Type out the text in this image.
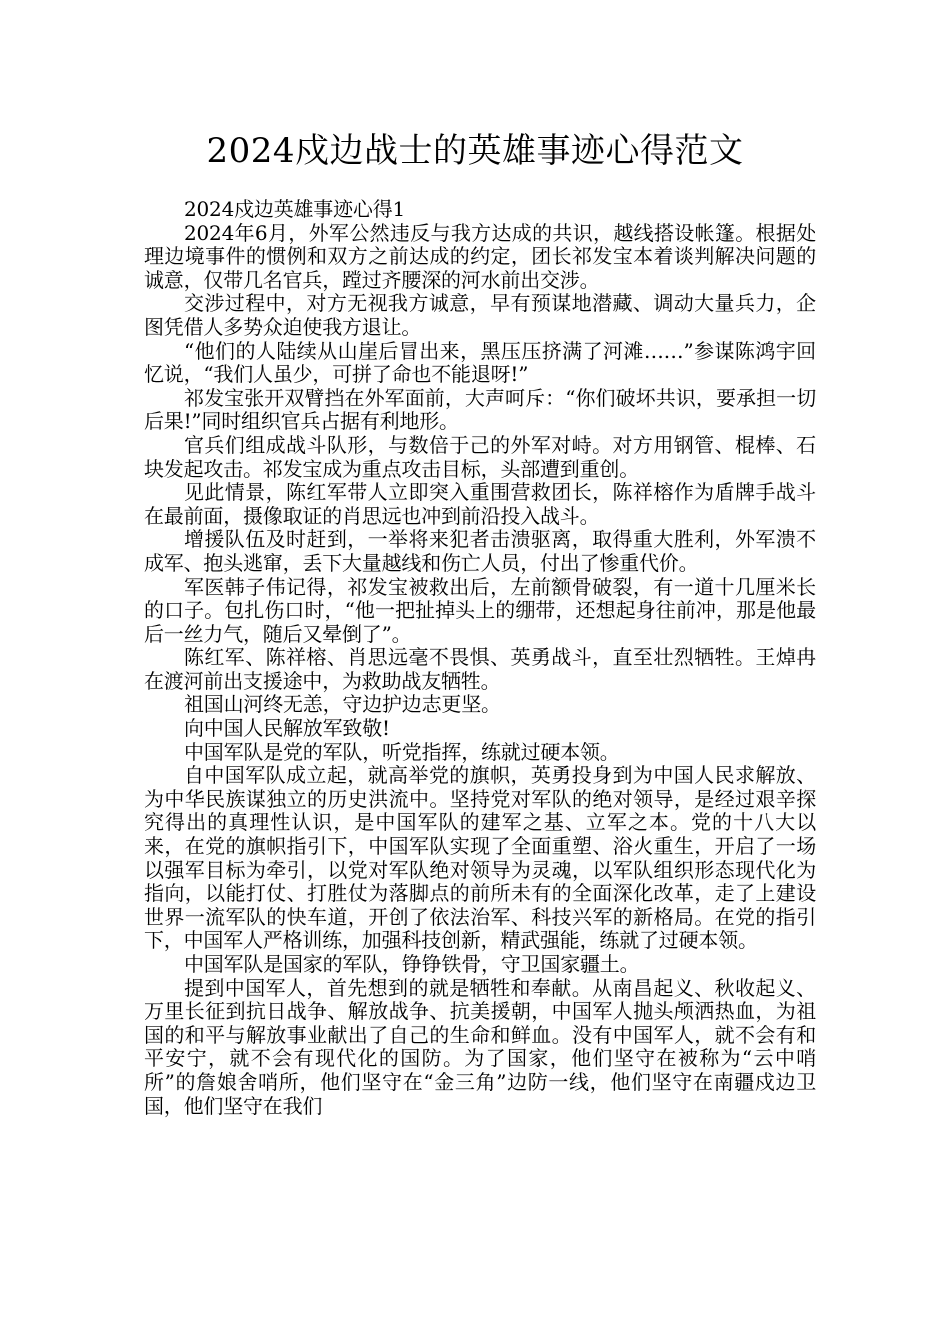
2024戍边战士的英雄事迹心得范文

2024戍边英雄事迹心得1

2024年6月，外军公然违反与我方达成的共识，越线搭设帐篷。根据处理边境事件的惯例和双方之前达成的约定，团长祁发宝本着谈判解决问题的诚意，仅带几名官兵，蹚过齐腰深的河水前出交涉。

交涉过程中，对方无视我方诚意，早有预谋地潜藏、调动大量兵力，企图凭借人多势众迫使我方退让。

“他们的人陆续从山崖后冒出来，黑压压挤满了河滩……”参谋陈鸿宇回忆说，“我们人虽少，可拼了命也不能退呀!”

祁发宝张开双臂挡在外军面前，大声呵斥：“你们破坏共识，要承担一切后果!”同时组织官兵占据有利地形。

官兵们组成战斗队形，与数倍于己的外军对峙。对方用钢管、棍棒、石块发起攻击。祁发宝成为重点攻击目标，头部遭到重创。

见此情景，陈红军带人立即突入重围营救团长，陈祥榕作为盾牌手战斗在最前面，摄像取证的肖思远也冲到前沿投入战斗。

增援队伍及时赶到，一举将来犯者击溃驱离，取得重大胜利，外军溃不成军、抱头逃窜，丢下大量越线和伤亡人员，付出了惨重代价。

军医韩子伟记得，祁发宝被救出后，左前额骨破裂，有一道十几厘米长的口子。包扎伤口时，“他一把扯掉头上的绷带，还想起身往前冲，那是他最后一丝力气，随后又晕倒了”。

陈红军、陈祥榕、肖思远毫不畏惧、英勇战斗，直至壮烈牺牲。王焯冉在渡河前出支援途中，为救助战友牺牲。

祖国山河终无恙，守边护边志更坚。

向中国人民解放军致敬!

中国军队是党的军队，听党指挥，练就过硬本领。

自中国军队成立起，就高举党的旗帜，英勇投身到为中国人民求解放、为中华民族谋独立的历史洪流中。坚持党对军队的绝对领导，是经过艰辛探究得出的真理性认识，是中国军队的建军之基、立军之本。党的十八大以来，在党的旗帜指引下，中国军队实现了全面重塑、浴火重生，开启了一场以强军目标为牵引，以党对军队绝对领导为灵魂，以军队组织形态现代化为指向，以能打仗、打胜仗为落脚点的前所未有的全面深化改革，走了上建设世界一流军队的快车道，开创了依法治军、科技兴军的新格局。在党的指引下，中国军人严格训练，加强科技创新，精武强能，练就了过硬本领。

中国军队是国家的军队，铮铮铁骨，守卫国家疆土。

提到中国军人，首先想到的就是牺牲和奉献。从南昌起义、秋收起义、万里长征到抗日战争、解放战争、抗美援朝，中国军人抛头颅洒热血，为祖国的和平与解放事业献出了自己的生命和鲜血。没有中国军人，就不会有和平安宁，就不会有现代化的国防。为了国家，他们坚守在被称为“云中哨所”的詹娘舍哨所，他们坚守在“金三角”边防一线，他们坚守在南疆戍边卫国，他们坚守在我们
